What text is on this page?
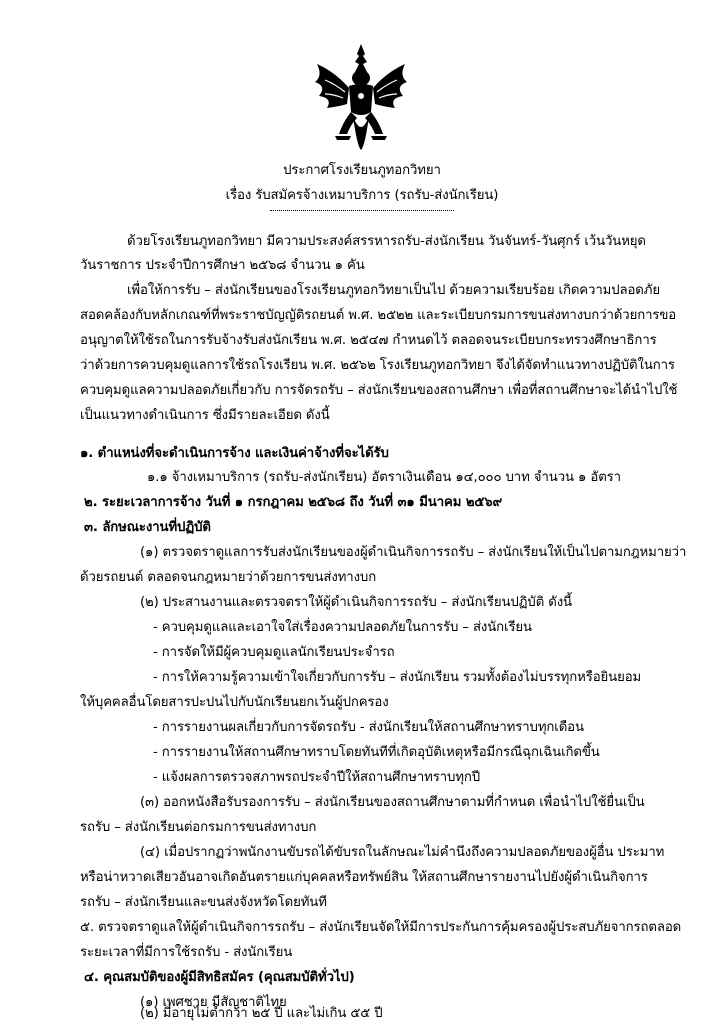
ประกาศโรงเรียนภูทอกวิทยา
เรื่อง รับสมัครจ้างเหมาบริการ (รถรับ-ส่งนักเรียน)
ด้วยโรงเรียนภูทอกวิทยา มีความประสงค์สรรหารถรับ-ส่งนักเรียน วันจันทร์-วันศุกร์ เว้นวันหยุด
วันราชการ ประจำปีการศึกษา ๒๕๖๘ จำนวน ๑ คัน
เพื่อให้การรับ – ส่งนักเรียนของโรงเรียนภูทอกวิทยาเป็นไป ด้วยความเรียบร้อย เกิดความปลอดภัย
สอดคล้องกับหลักเกณฑ์ที่พระราชบัญญัติรถยนต์ พ.ศ. ๒๕๒๒ และระเบียบกรมการขนส่งทางบกว่าด้วยการขอ
อนุญาตให้ใช้รถในการรับจ้างรับส่งนักเรียน พ.ศ. ๒๕๔๗ กำหนดไว้ ตลอดจนระเบียบกระทรวงศึกษาธิการ
ว่าด้วยการควบคุมดูแลการใช้รถโรงเรียน พ.ศ. ๒๕๖๒ โรงเรียนภูทอกวิทยา จึงได้จัดทำแนวทางปฏิบัติในการ
ควบคุมดูแลความปลอดภัยเกี่ยวกับ การจัดรถรับ – ส่งนักเรียนของสถานศึกษา เพื่อที่สถานศึกษาจะได้นำไปใช้
เป็นแนวทางดำเนินการ ซึ่งมีรายละเอียด ดังนี้
๑. ตำแหน่งที่จะดำเนินการจ้าง และเงินค่าจ้างที่จะได้รับ
๑.๑ จ้างเหมาบริการ (รถรับ-ส่งนักเรียน) อัตราเงินเดือน ๑๔,๐๐๐ บาท จำนวน ๑ อัตรา
๒. ระยะเวลาการจ้าง วันที่ ๑ กรกฎาคม ๒๕๖๘ ถึง วันที่ ๓๑ มีนาคม ๒๕๖๙
๓. ลักษณะงานที่ปฏิบัติ
(๑) ตรวจตราดูแลการรับส่งนักเรียนของผู้ดำเนินกิจการรถรับ – ส่งนักเรียนให้เป็นไปตามกฎหมายว่า
ด้วยรถยนต์ ตลอดจนกฎหมายว่าด้วยการขนส่งทางบก
(๒) ประสานงานและตรวจตราให้ผู้ดำเนินกิจการรถรับ – ส่งนักเรียนปฏิบัติ ดังนี้
- ควบคุมดูแลและเอาใจใส่เรื่องความปลอดภัยในการรับ – ส่งนักเรียน
- การจัดให้มีผู้ควบคุมดูแลนักเรียนประจำรถ
- การให้ความรู้ความเข้าใจเกี่ยวกับการรับ – ส่งนักเรียน รวมทั้งต้องไม่บรรทุกหรือยินยอม
ให้บุคคลอื่นโดยสารปะปนไปกับนักเรียนยกเว้นผู้ปกครอง
- การรายงานผลเกี่ยวกับการจัดรถรับ - ส่งนักเรียนให้สถานศึกษาทราบทุกเดือน
- การรายงานให้สถานศึกษาทราบโดยทันทีที่เกิดอุบัติเหตุหรือมีกรณีฉุกเฉินเกิดขึ้น
- แจ้งผลการตรวจสภาพรถประจำปีให้สถานศึกษาทราบทุกปี
(๓) ออกหนังสือรับรองการรับ – ส่งนักเรียนของสถานศึกษาตามที่กำหนด เพื่อนำไปใช้ยื่นเป็น
รถรับ – ส่งนักเรียนต่อกรมการขนส่งทางบก
(๔) เมื่อปรากฏว่าพนักงานขับรถได้ขับรถในลักษณะไม่คำนึงถึงความปลอดภัยของผู้อื่น ประมาท
หรือน่าหวาดเสียวอันอาจเกิดอันตรายแก่บุคคลหรือทรัพย์สิน ให้สถานศึกษารายงานไปยังผู้ดำเนินกิจการ
รถรับ – ส่งนักเรียนและขนส่งจังหวัดโดยทันที
๕. ตรวจตราดูแลให้ผู้ดำเนินกิจการรถรับ – ส่งนักเรียนจัดให้มีการประกันการคุ้มครองผู้ประสบภัยจากรถตลอด
ระยะเวลาที่มีการใช้รถรับ - ส่งนักเรียน
๔. คุณสมบัติของผู้มีสิทธิสมัคร (คุณสมบัติทั่วไป)
(๑) เพศชาย มีสัญชาติไทย
(๒) มีอายุไม่ต่ำกว่า ๒๕ ปี และไม่เกิน ๕๕ ปี
